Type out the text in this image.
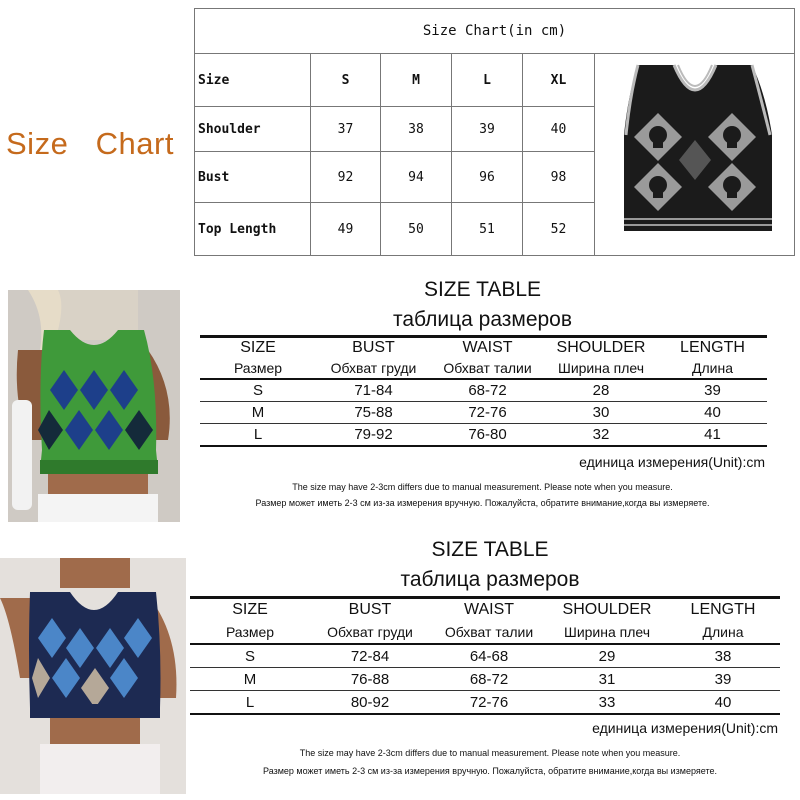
Size   Chart
Size Chart(in cm)					
Size	S	M	L	XL	
Shoulder	37	38	39	40	
Bust	92	94	96	98	
Top Length	49	50	51	52	
SIZE TABLE
таблица размеров
SIZE	BUST	WAIST	SHOULDER	LENGTH
Размер	Обхват груди	Обхват талии	Ширина плеч	Длина
S	71-84	68-72	28	39
M	75-88	72-76	30	40
L	79-92	76-80	32	41
единица измерения(Unit):cm
The size may have 2-3cm differs due to manual measurement. Please note when you measure.
Размер может иметь 2-3 см из-за измерения вручную. Пожалуйста, обратите внимание,когда вы измеряете.
SIZE TABLE
таблица размеров
SIZE	BUST	WAIST	SHOULDER	LENGTH
Размер	Обхват груди	Обхват талии	Ширина плеч	Длина
S	72-84	64-68	29	38
M	76-88	68-72	31	39
L	80-92	72-76	33	40
единица измерения(Unit):cm
The size may have 2-3cm differs due to manual measurement. Please note when you measure.
Размер может иметь 2-3 см из-за измерения вручную. Пожалуйста, обратите внимание,когда вы измеряете.
